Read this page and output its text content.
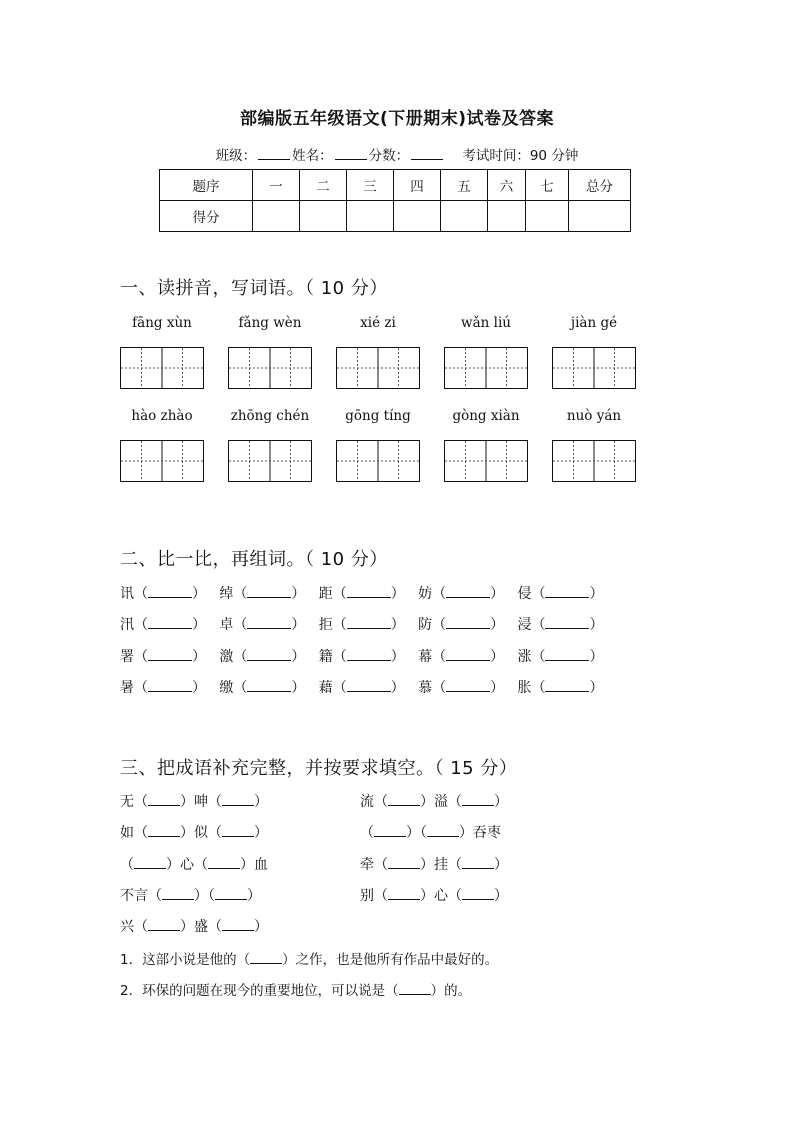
部编版五年级语文(下册期末)试卷及答案
班级：	姓名：	分数：	考试时间：90 分钟
题序	一	二	三	四	五	六	七	总分
得分								
一、读拼音，写词语。（ 10 分）
fāng xùn	fǎng wèn	xié zi	wǎn liú	jiàn gé
hào zhào	zhōng chén	gōng tíng	gòng xiàn	nuò yán
二、比一比，再组词。（ 10 分）
讯（	）   绰（	）   距（	）   妨（	）   侵（	）
汛（	）   卓（	）   拒（	）   防（	）   浸（	）
署（	）   激（	）   籍（	）   幕（	）   涨（	）
暑（	）   缴（	）   藉（	）   慕（	）   胀（	）
三、把成语补充完整，并按要求填空。（ 15 分）
无（ ）呻（ ）
如（ ）似（ ）
（ ）心（ ）血
不言（ ）（ ）
兴（ ）盛（ ）
流（ ）溢（ ）
（ ）（ ）吞枣
牵（ ）挂（ ）
别（ ）心（ ）
1．这部小说是他的（ ）之作，也是他所有作品中最好的。
2．环保的问题在现今的重要地位，可以说是（ ）的。
